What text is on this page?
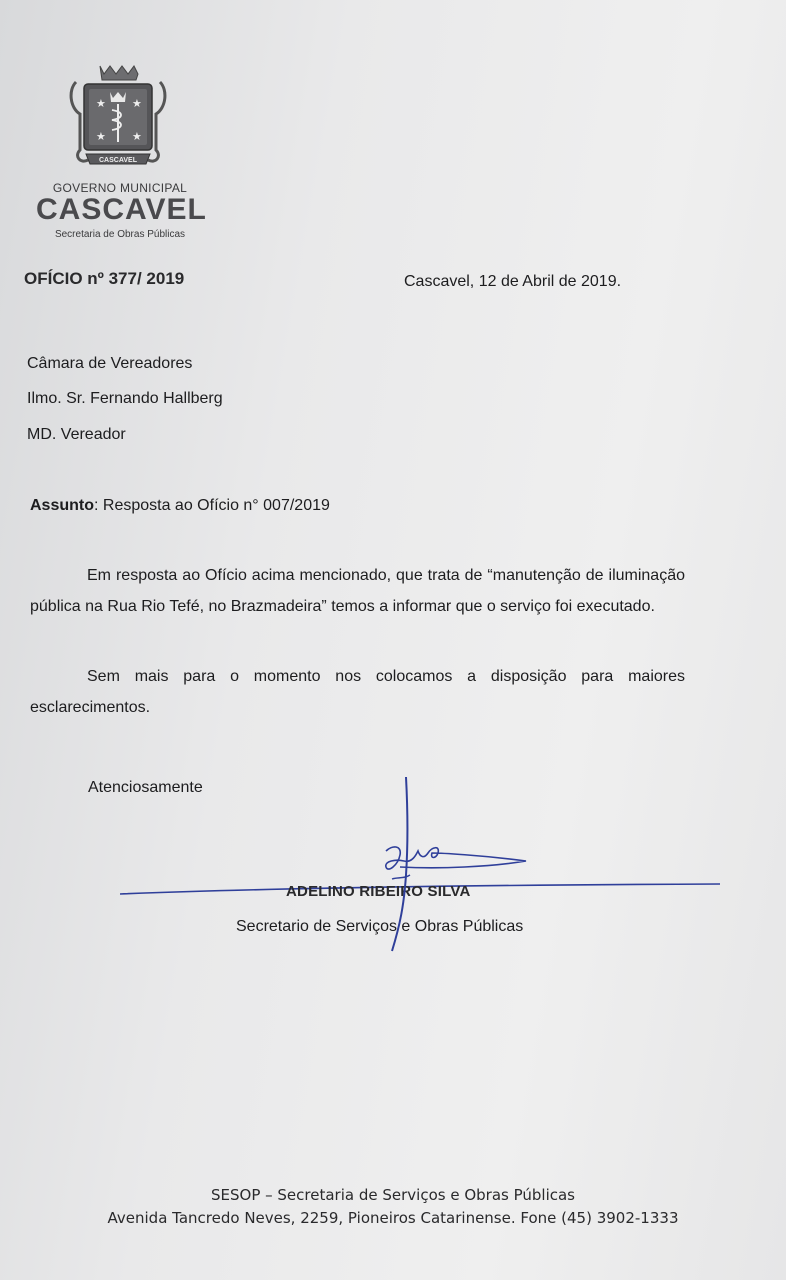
★ ★
★ ★
CASCAVEL
GOVERNO MUNICIPAL
CASCAVEL
Secretaria de Obras Públicas
OFÍCIO nº 377/ 2019	Cascavel, 12 de Abril de 2019.
Câmara de Vereadores
Ilmo. Sr. Fernando Hallberg
MD. Vereador
Assunto: Resposta ao Ofício n° 007/2019
Em resposta ao Ofício acima mencionado, que trata de “manutenção de iluminação pública na Rua Rio Tefé, no Brazmadeira” temos a informar que o serviço foi executado.
Sem mais para o momento nos colocamos a disposição para maiores esclarecimentos.
Atenciosamente
ADELINO RIBEIRO SILVA
Secretario de Serviços e Obras Públicas
SESOP – Secretaria de Serviços e Obras Públicas
Avenida Tancredo Neves, 2259, Pioneiros Catarinense. Fone (45) 3902-1333
